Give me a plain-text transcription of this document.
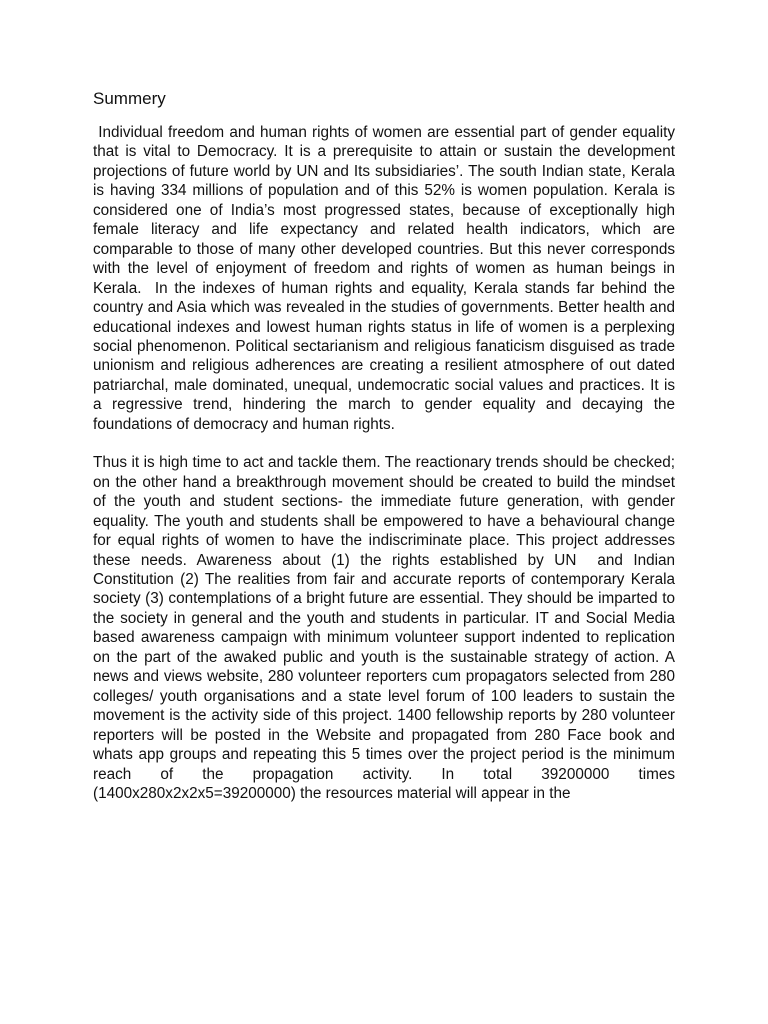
Summery

Individual freedom and human rights of women are essential part of gender equality that is vital to Democracy. It is a prerequisite to attain or sustain the development projections of future world by UN and Its subsidiaries’. The south Indian state, Kerala is having 334 millions of population and of this 52% is women population. Kerala is considered one of India’s most progressed states, because of exceptionally high female literacy and life expectancy and related health indicators, which are comparable to those of many other developed countries. But this never corresponds with the level of enjoyment of freedom and rights of women as human beings in Kerala.  In the indexes of human rights and equality, Kerala stands far behind the country and Asia which was revealed in the studies of governments. Better health and educational indexes and lowest human rights status in life of women is a perplexing social phenomenon. Political sectarianism and religious fanaticism disguised as trade unionism and religious adherences are creating a resilient atmosphere of out dated patriarchal, male dominated, unequal, undemocratic social values and practices. It is a regressive trend, hindering the march to gender equality and decaying the foundations of democracy and human rights.

Thus it is high time to act and tackle them. The reactionary trends should be checked; on the other hand a breakthrough movement should be created to build the mindset of the youth and student sections- the immediate future generation, with gender equality. The youth and students shall be empowered to have a behavioural change for equal rights of women to have the indiscriminate place. This project addresses these needs. Awareness about (1) the rights established by UN  and Indian Constitution (2) The realities from fair and accurate reports of contemporary Kerala society (3) contemplations of a bright future are essential. They should be imparted to the society in general and the youth and students in particular. IT and Social Media based awareness campaign with minimum volunteer support indented to replication on the part of the awaked public and youth is the sustainable strategy of action. A news and views website, 280 volunteer reporters cum propagators selected from 280 colleges/ youth organisations and a state level forum of 100 leaders to sustain the movement is the activity side of this project. 1400 fellowship reports by 280 volunteer reporters will be posted in the Website and propagated from 280 Face book and whats app groups and repeating this 5 times over the project period is the minimum reach of the propagation activity. In total 39200000 times (1400x280x2x2x5=39200000) the resources material will appear in the
